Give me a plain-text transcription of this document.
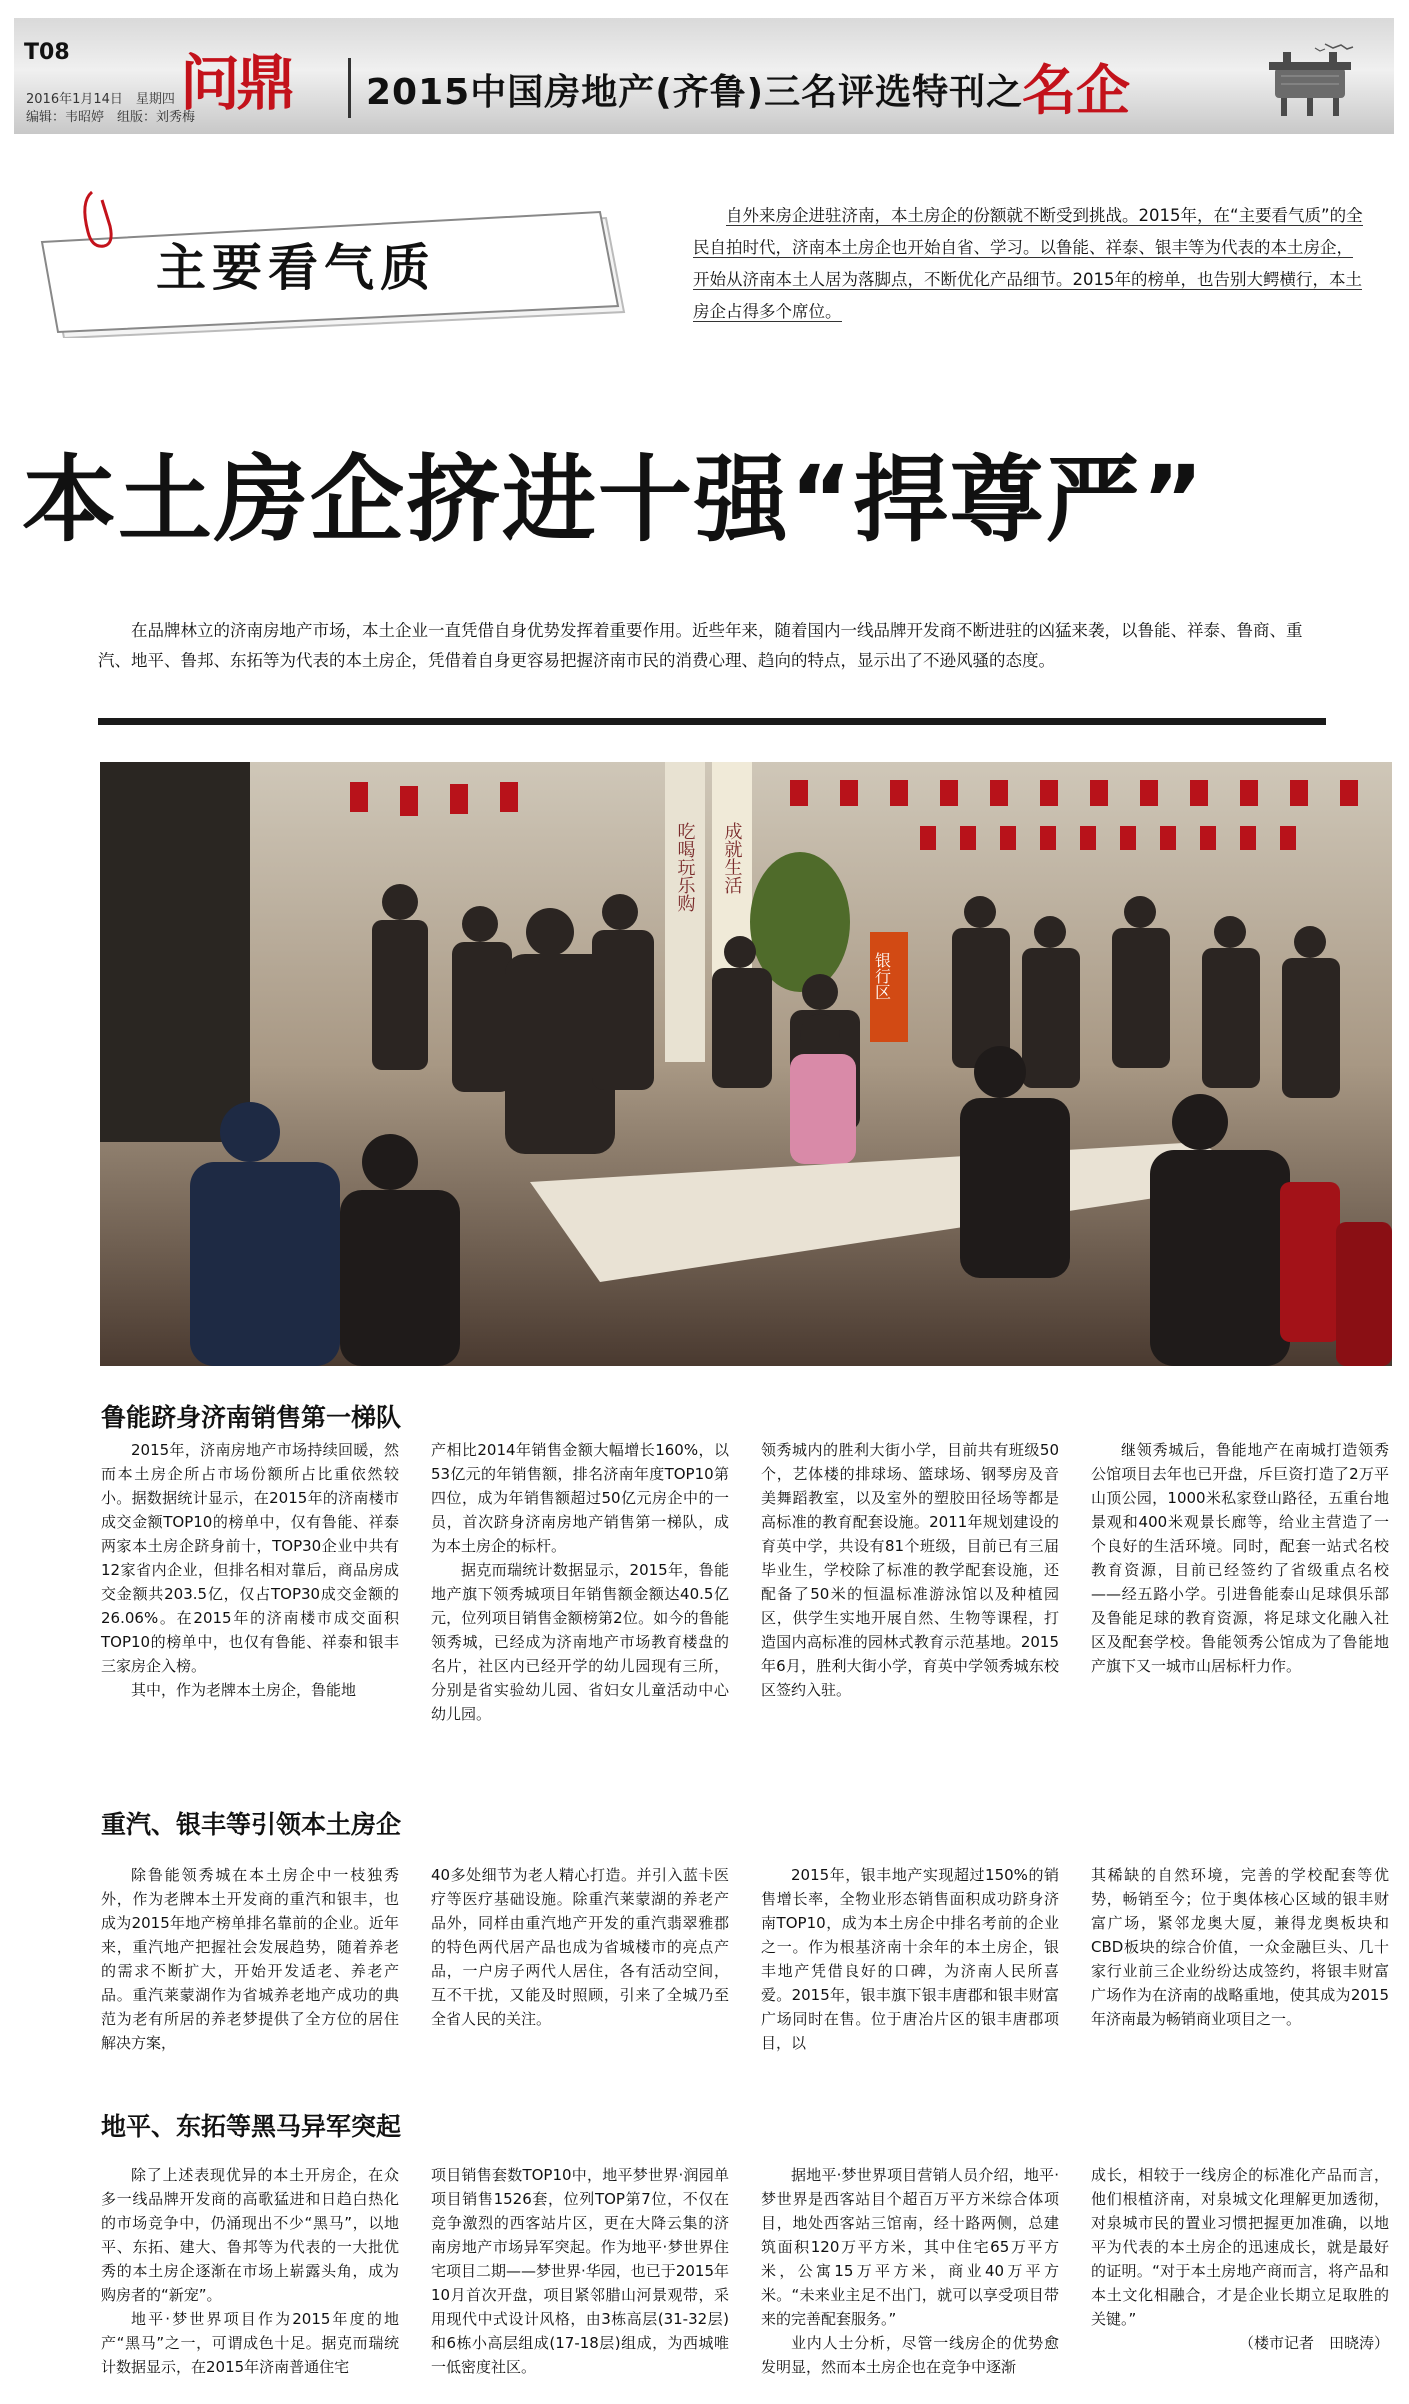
T08
2016年1月14日　星期四
编辑：韦昭婷　组版：刘秀梅
问鼎 2015中国房地产(齐鲁)三名评选特刊之
名企
主要看气质
自外来房企进驻济南，本土房企的份额就不断受到挑战。2015年，在“主要看气质”的全民自拍时代，济南本土房企也开始自省、学习。以鲁能、祥泰、银丰等为代表的本土房企，开始从济南本土人居为落脚点，不断优化产品细节。2015年的榜单，也告别大鳄横行，本土房企占得多个席位。
本土房企挤进十强“捍尊严”
在品牌林立的济南房地产市场，本土企业一直凭借自身优势发挥着重要作用。近些年来，随着国内一线品牌开发商不断进驻的凶猛来袭，以鲁能、祥泰、鲁商、重汽、地平、鲁邦、东拓等为代表的本土房企，凭借着自身更容易把握济南市民的消费心理、趋向的特点，显示出了不逊风骚的态度。
吃喝玩乐购 成就生活
银行区
鲁能跻身济南销售第一梯队

2015年，济南房地产市场持续回暖，然而本土房企所占市场份额所占比重依然较小。据数据统计显示，在2015年的济南楼市成交金额TOP10的榜单中，仅有鲁能、祥泰两家本土房企跻身前十，TOP30企业中共有12家省内企业，但排名相对靠后，商品房成交金额共203.5亿，仅占TOP30成交金额的26.06%。在2015年的济南楼市成交面积TOP10的榜单中，也仅有鲁能、祥泰和银丰三家房企入榜。

其中，作为老牌本土房企，鲁能地

产相比2014年销售金额大幅增长160%，以53亿元的年销售额，排名济南年度TOP10第四位，成为年销售额超过50亿元房企中的一员，首次跻身济南房地产销售第一梯队，成为本土房企的标杆。

据克而瑞统计数据显示，2015年，鲁能地产旗下领秀城项目年销售额金额达40.5亿元，位列项目销售金额榜第2位。如今的鲁能领秀城，已经成为济南地产市场教育楼盘的名片，社区内已经开学的幼儿园现有三所，分别是省实验幼儿园、省妇女儿童活动中心幼儿园。

领秀城内的胜利大街小学，目前共有班级50个，艺体楼的排球场、篮球场、钢琴房及音美舞蹈教室，以及室外的塑胶田径场等都是高标准的教育配套设施。2011年规划建设的育英中学，共设有81个班级，目前已有三届毕业生，学校除了标准的教学配套设施，还配备了50米的恒温标准游泳馆以及种植园区，供学生实地开展自然、生物等课程，打造国内高标准的园林式教育示范基地。2015年6月，胜利大街小学，育英中学领秀城东校区签约入驻。

继领秀城后，鲁能地产在南城打造领秀公馆项目去年也已开盘，斥巨资打造了2万平山顶公园，1000米私家登山路径，五重台地景观和400米观景长廊等，给业主营造了一个良好的生活环境。同时，配套一站式名校教育资源，目前已经签约了省级重点名校——经五路小学。引进鲁能泰山足球俱乐部及鲁能足球的教育资源，将足球文化融入社区及配套学校。鲁能领秀公馆成为了鲁能地产旗下又一城市山居标杆力作。

重汽、银丰等引领本土房企

除鲁能领秀城在本土房企中一枝独秀外，作为老牌本土开发商的重汽和银丰，也成为2015年地产榜单排名靠前的企业。近年来，重汽地产把握社会发展趋势，随着养老的需求不断扩大，开始开发适老、养老产品。重汽莱蒙湖作为省城养老地产成功的典范为老有所居的养老梦提供了全方位的居住解决方案，

40多处细节为老人精心打造。并引入蓝卡医疗等医疗基础设施。除重汽莱蒙湖的养老产品外，同样由重汽地产开发的重汽翡翠雅郡的特色两代居产品也成为省城楼市的亮点产品，一户房子两代人居住，各有活动空间，互不干扰，又能及时照顾，引来了全城乃至全省人民的关注。

2015年，银丰地产实现超过150%的销售增长率，全物业形态销售面积成功跻身济南TOP10，成为本土房企中排名考前的企业之一。作为根基济南十余年的本土房企，银丰地产凭借良好的口碑，为济南人民所喜爱。2015年，银丰旗下银丰唐郡和银丰财富广场同时在售。位于唐冶片区的银丰唐郡项目，以

其稀缺的自然环境，完善的学校配套等优势，畅销至今；位于奥体核心区域的银丰财富广场，紧邻龙奥大厦，兼得龙奥板块和CBD板块的综合价值，一众金融巨头、几十家行业前三企业纷纷达成签约，将银丰财富广场作为在济南的战略重地，使其成为2015年济南最为畅销商业项目之一。

地平、东拓等黑马异军突起

除了上述表现优异的本土开房企，在众多一线品牌开发商的高歌猛进和日趋白热化的市场竞争中，仍涌现出不少“黑马”，以地平、东拓、建大、鲁邦等为代表的一大批优秀的本土房企逐渐在市场上崭露头角，成为购房者的“新宠”。

地平·梦世界项目作为2015年度的地产“黑马”之一，可谓成色十足。据克而瑞统计数据显示，在2015年济南普通住宅

项目销售套数TOP10中，地平梦世界·润园单项目销售1526套，位列TOP第7位，不仅在竞争激烈的西客站片区，更在大降云集的济南房地产市场异军突起。作为地平·梦世界住宅项目二期——梦世界·华园，也已于2015年10月首次开盘，项目紧邻腊山河景观带，采用现代中式设计风格，由3栋高层(31-32层)和6栋小高层组成(17-18层)组成，为西城唯一低密度社区。

据地平·梦世界项目营销人员介绍，地平·梦世界是西客站目个超百万平方米综合体项目，地处西客站三馆南，经十路两侧，总建筑面积120万平方米，其中住宅65万平方米，公寓15万平方米，商业40万平方米。“未来业主足不出门，就可以享受项目带来的完善配套服务。”

业内人士分析，尽管一线房企的优势愈发明显，然而本土房企也在竞争中逐渐

成长，相较于一线房企的标准化产品而言，他们根植济南，对泉城文化理解更加透彻，对泉城市民的置业习惯把握更加准确，以地平为代表的本土房企的迅速成长，就是最好的证明。“对于本土房地产商而言，将产品和本土文化相融合，才是企业长期立足取胜的关键。”

（楼市记者　田晓涛）
